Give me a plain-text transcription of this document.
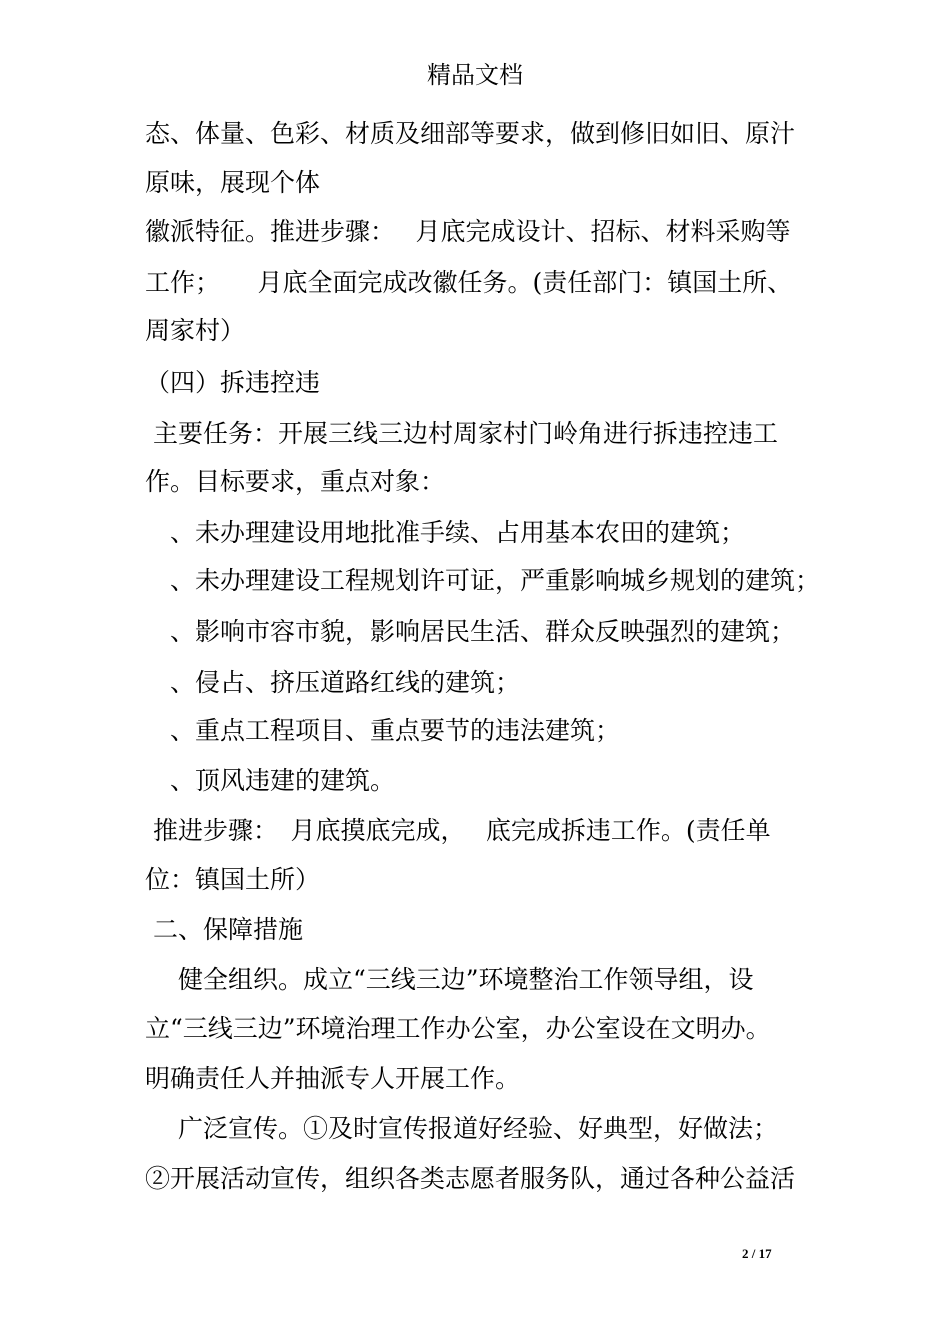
精品文档
态、体量、色彩、材质及细部等要求，做到修旧如旧、原汁
原味，展现个体
徽派特征。推进步骤：　 月底完成设计、招标、材料采购等
工作；　　月底全面完成改徽任务。(责任部门：镇国土所、
周家村）
（四）拆违控违
主要任务：开展三线三边村周家村门岭角进行拆违控违工
作。目标要求，重点对象：
　、未办理建设用地批准手续、占用基本农田的建筑；
　、未办理建设工程规划许可证，严重影响城乡规划的建筑；
　、影响市容市貌，影响居民生活、群众反映强烈的建筑；
　、侵占、挤压道路红线的建筑；
　、重点工程项目、重点要节的违法建筑；
　、顶风违建的建筑。
推进步骤：　月底摸底完成，　 底完成拆违工作。(责任单
位：镇国土所）
二、保障措施
　 健全组织。成立“三线三边”环境整治工作领导组，设
立“三线三边”环境治理工作办公室，办公室设在文明办。
明确责任人并抽派专人开展工作。
　 广泛宣传。①及时宣传报道好经验、好典型，好做法；
②开展活动宣传，组织各类志愿者服务队，通过各种公益活
2 / 17
